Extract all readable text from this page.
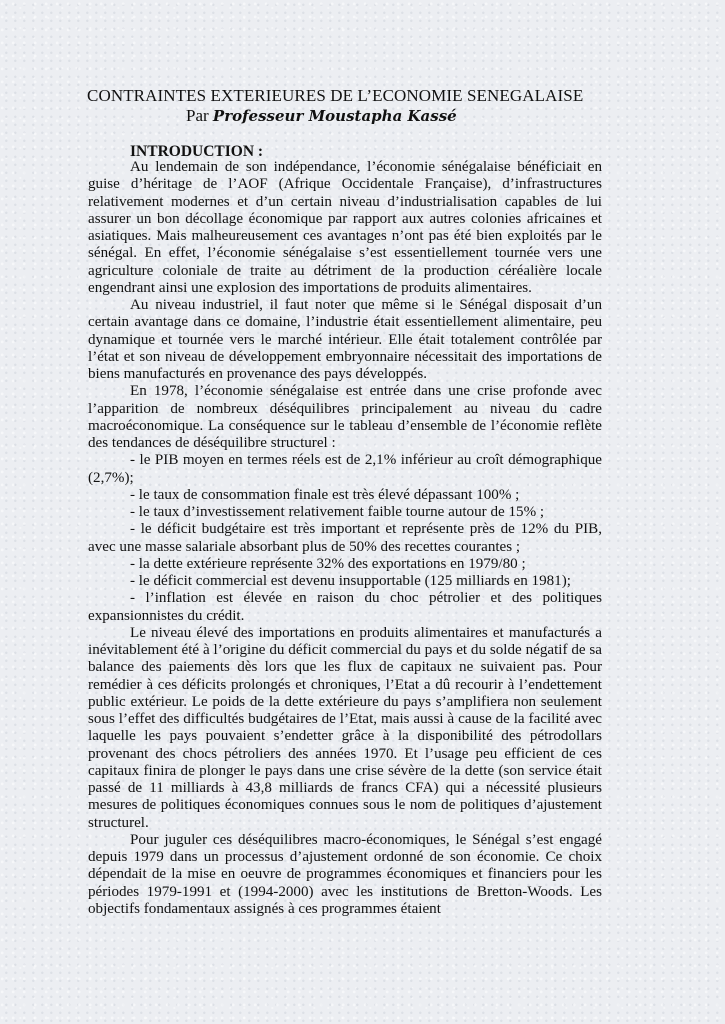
CONTRAINTES EXTERIEURES DE L’ECONOMIE SENEGALAISE
Par Professeur Moustapha Kassé
INTRODUCTION :

Au lendemain de son indépendance, l’économie sénégalaise bénéficiait en guise d’héritage de l’AOF (Afrique Occidentale Française), d’infrastructures relativement modernes et d’un certain niveau d’industrialisation capables de lui assurer un bon décollage économique par rapport aux autres colonies africaines et asiatiques. Mais malheureusement ces avantages n’ont pas été bien exploités par le sénégal. En effet, l’économie sénégalaise s’est essentiellement tournée vers une agriculture coloniale de traite au détriment de la production céréalière locale engendrant ainsi une explosion des importations de produits alimentaires.

Au niveau industriel, il faut noter que même si le Sénégal disposait d’un certain avantage dans ce domaine, l’industrie était essentiellement alimentaire, peu dynamique et tournée vers le marché intérieur. Elle était totalement contrôlée par l’état et son niveau de développement embryonnaire nécessitait des importations de biens manufacturés en provenance des pays développés.

En 1978, l’économie sénégalaise est entrée dans une crise profonde avec l’apparition de nombreux déséquilibres principalement au niveau du cadre macroéconomique. La conséquence sur le tableau d’ensemble de l’économie reflète des tendances de déséquilibre structurel :

- le PIB moyen en termes réels est de 2,1% inférieur au croît démographique (2,7%);

- le taux de consommation finale est très élevé dépassant 100% ;

- le taux d’investissement relativement faible tourne autour de 15% ;

- le déficit budgétaire est très important et représente près de 12% du PIB, avec une masse salariale absorbant plus de 50% des recettes courantes ;

- la dette extérieure représente 32% des exportations en 1979/80 ;

- le déficit commercial est devenu insupportable (125 milliards en 1981);

- l’inflation est élevée en raison du choc pétrolier et des politiques expansionnistes du crédit.

Le niveau élevé des importations en produits alimentaires et manufacturés a inévitablement été à l’origine du déficit commercial du pays et du solde négatif de sa balance des paiements dès lors que les flux de capitaux ne suivaient pas. Pour remédier à ces déficits prolongés et chroniques, l’Etat a dû recourir à l’endettement public extérieur. Le poids de la dette extérieure du pays s’amplifiera non seulement sous l’effet des difficultés budgétaires de l’Etat, mais aussi à cause de la facilité avec laquelle les pays pouvaient s’endetter grâce à la disponibilité des pétrodollars provenant des chocs pétroliers des années 1970. Et l’usage peu efficient de ces capitaux finira de plonger le pays dans une crise sévère de la dette (son service était passé de 11 milliards à 43,8 milliards de francs CFA) qui a nécessité plusieurs mesures de politiques économiques connues sous le nom de politiques d’ajustement structurel.

Pour juguler ces déséquilibres macro-économiques, le Sénégal s’est engagé depuis 1979 dans un processus d’ajustement ordonné de son économie. Ce choix dépendait de la mise en oeuvre de programmes économiques et financiers pour les périodes 1979-1991 et (1994-2000) avec les institutions de Bretton-Woods. Les objectifs fondamentaux assignés à ces programmes étaient
